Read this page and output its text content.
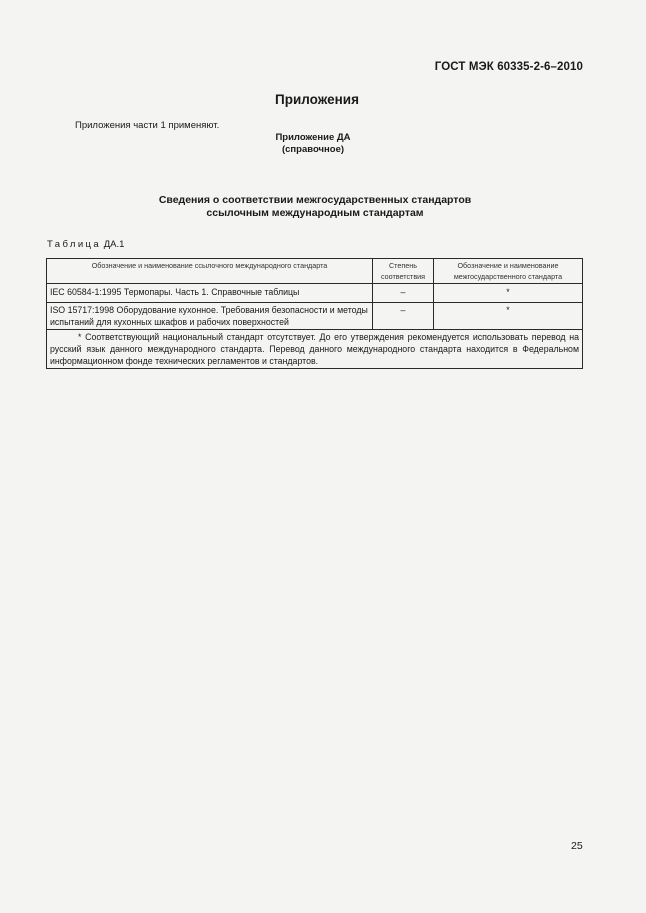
ГОСТ МЭК 60335-2-6–2010
Приложения
Приложения части 1 применяют.
Приложение ДА
(справочное)
Сведения о соответствии межгосударственных стандартов
ссылочным международным стандартам
Таблица ДА.1
Обозначение и наименование ссылочного международного стандарта	Степень соответствия	Обозначение и наименование межгосударственного стандарта
IEC 60584-1:1995 Термопары. Часть 1. Справочные таблицы	–	*
ISO 15717:1998 Оборудование кухонное. Требования безопасности и методы испытаний для кухонных шкафов и рабочих поверхностей	–	*
* Соответствующий национальный стандарт отсутствует. До его утверждения рекомендуется использовать перевод на русский язык данного международного стандарта. Перевод данного международного стандарта находится в Федеральном информационном фонде технических регламентов и стандартов.		
25
